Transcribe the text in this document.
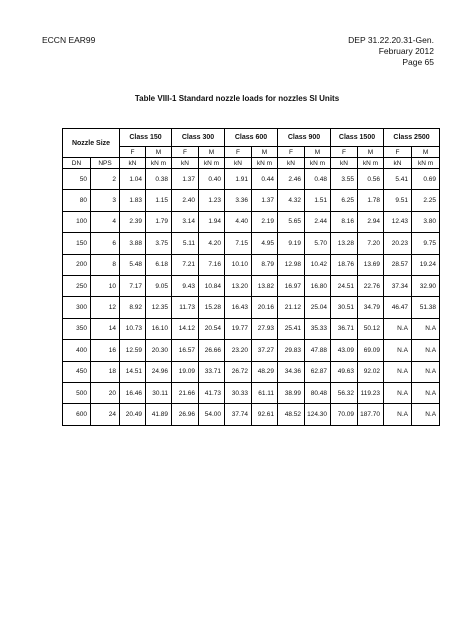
ECCN EAR99	DEP 31.22.20.31-Gen.
February 2012
Page 65
Table VIII-1 Standard nozzle loads for nozzles SI Units
Nozzle Size		Class 150		Class 300		Class 600		Class 900		Class 1500		Class 2500	
		F	M	F	M	F	M	F	M	F	M	F	M
DN	NPS	kN	kN m	kN	kN m	kN	kN m	kN	kN m	kN	kN m	kN	kN m
50	2	1.04	0.38	1.37	0.40	1.91	0.44	2.46	0.48	3.55	0.56	5.41	0.69
80	3	1.83	1.15	2.40	1.23	3.36	1.37	4.32	1.51	6.25	1.78	9.51	2.25
100	4	2.39	1.79	3.14	1.94	4.40	2.19	5.65	2.44	8.16	2.94	12.43	3.80
150	6	3.88	3.75	5.11	4.20	7.15	4.95	9.19	5.70	13.28	7.20	20.23	9.75
200	8	5.48	6.18	7.21	7.16	10.10	8.79	12.98	10.42	18.76	13.69	28.57	19.24
250	10	7.17	9.05	9.43	10.84	13.20	13.82	16.97	16.80	24.51	22.76	37.34	32.90
300	12	8.92	12.35	11.73	15.28	16.43	20.16	21.12	25.04	30.51	34.79	46.47	51.38
350	14	10.73	16.10	14.12	20.54	19.77	27.93	25.41	35.33	36.71	50.12	N.A	N.A
400	16	12.59	20.30	16.57	26.66	23.20	37.27	29.83	47.88	43.09	69.09	N.A	N.A
450	18	14.51	24.96	19.09	33.71	26.72	48.29	34.36	62.87	49.63	92.02	N.A	N.A
500	20	16.46	30.11	21.66	41.73	30.33	61.11	38.99	80.48	56.32	119.23	N.A	N.A
600	24	20.49	41.89	26.96	54.00	37.74	92.61	48.52	124.30	70.09	187.70	N.A	N.A
